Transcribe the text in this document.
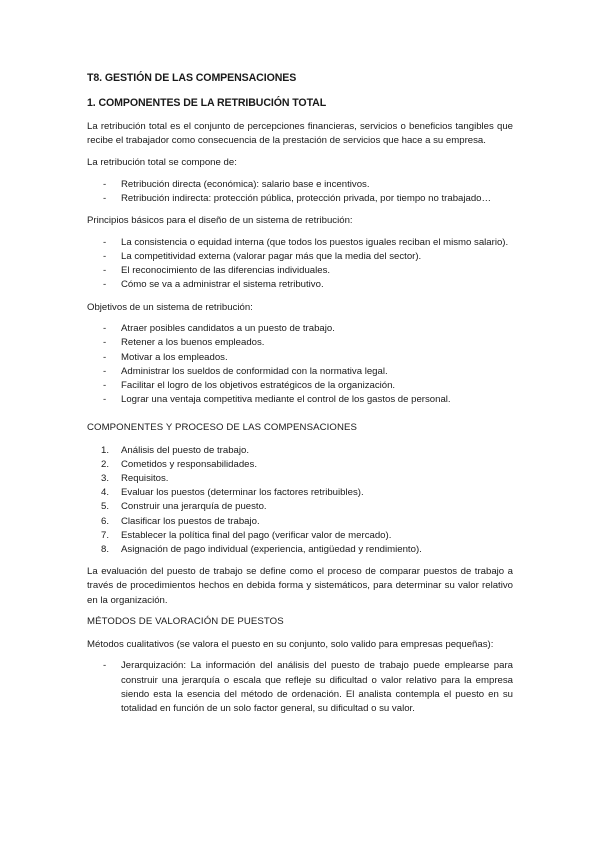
T8. GESTIÓN DE LAS COMPENSACIONES
1. COMPONENTES DE LA RETRIBUCIÓN TOTAL

La retribución total es el conjunto de percepciones financieras, servicios o beneficios tangibles que recibe el trabajador como consecuencia de la prestación de servicios que hace a su empresa.

La retribución total se compone de:

- Retribución directa (económica): salario base e incentivos.
- Retribución indirecta: protección pública, protección privada, por tiempo no trabajado…

Principios básicos para el diseño de un sistema de retribución:

- La consistencia o equidad interna (que todos los puestos iguales reciban el mismo salario).
- La competitividad externa (valorar pagar más que la media del sector).
- El reconocimiento de las diferencias individuales.
- Cómo se va a administrar el sistema retributivo.

Objetivos de un sistema de retribución:

- Atraer posibles candidatos a un puesto de trabajo.
- Retener a los buenos empleados.
- Motivar a los empleados.
- Administrar los sueldos de conformidad con la normativa legal.
- Facilitar el logro de los objetivos estratégicos de la organización.
- Lograr una ventaja competitiva mediante el control de los gastos de personal.

COMPONENTES Y PROCESO DE LAS COMPENSACIONES

1. Análisis del puesto de trabajo.
2. Cometidos y responsabilidades.
3. Requisitos.
4. Evaluar los puestos (determinar los factores retribuibles).
5. Construir una jerarquía de puesto.
6. Clasificar los puestos de trabajo.
7. Establecer la política final del pago (verificar valor de mercado).
8. Asignación de pago individual (experiencia, antigüedad y rendimiento).

La evaluación del puesto de trabajo se define como el proceso de comparar puestos de trabajo a través de procedimientos hechos en debida forma y sistemáticos, para determinar su valor relativo en la organización.

MÉTODOS DE VALORACIÓN DE PUESTOS

Métodos cualitativos (se valora el puesto en su conjunto, solo valido para empresas pequeñas):

- Jerarquización: La información del análisis del puesto de trabajo puede emplearse para construir una jerarquía o escala que refleje su dificultad o valor relativo para la empresa siendo esta la esencia del método de ordenación. El analista contempla el puesto en su totalidad en función de un solo factor general, su dificultad o su valor.
